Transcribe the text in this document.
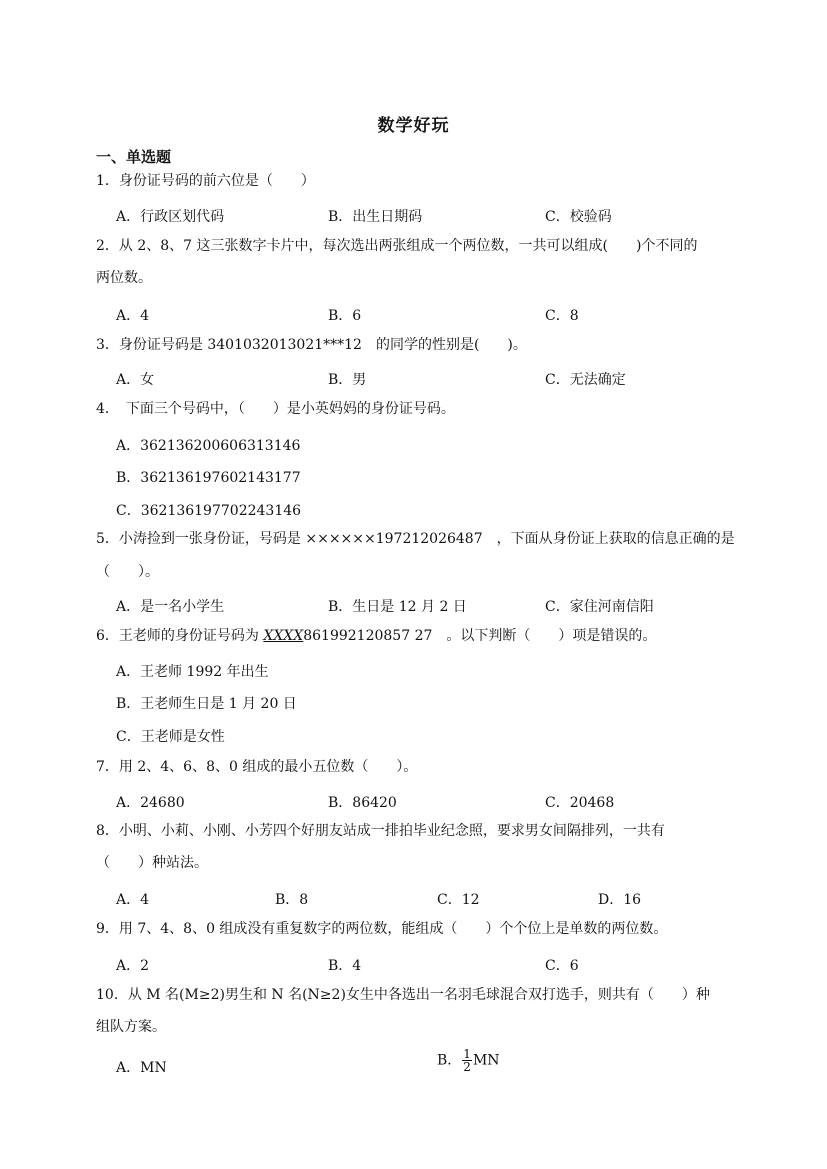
数学好玩
一、单选题
1．身份证号码的前六位是（　　）
A．行政区划代码	B．出生日期码	C．校验码
2．从 2、8、7 这三张数字卡片中，每次选出两张组成一个两位数，一共可以组成(　　)个不同的
两位数。
A．4	B．6	C．8
3．身份证号码是 3401032013021***12　的同学的性别是(　　)。
A．女	B．男	C．无法确定
4．　下面三个号码中，（　　）是小英妈妈的身份证号码。
A．362136200606313146
B．362136197602143177
C．362136197702243146
5．小涛捡到一张身份证，号码是 ××××××197212026487　，下面从身份证上获取的信息正确的是
（　　）。
A．是一名小学生	B．生日是 12 月 2 日	C．家住河南信阳
6．王老师的身份证号码为 XXXX861992120857 27　。以下判断（　　）项是错误的。
A．王老师 1992 年出生
B．王老师生日是 1 月 20 日
C．王老师是女性
7．用 2、4、6、8、0 组成的最小五位数（　　）。
A．24680	B．86420	C．20468
8．小明、小莉、小刚、小芳四个好朋友站成一排拍毕业纪念照，要求男女间隔排列，一共有
（　　）种站法。
A．4	B．8	C．12	D．16
9．用 7、4、8、0 组成没有重复数字的两位数，能组成（　　）个个位上是单数的两位数。
A．2	B．4	C．6
10．从 M 名(M≥2)男生和 N 名(N≥2)女生中各选出一名羽毛球混合双打选手，则共有（　　）种
组队方案。
A．MN	B． $\frac{1}{2}$ MN
